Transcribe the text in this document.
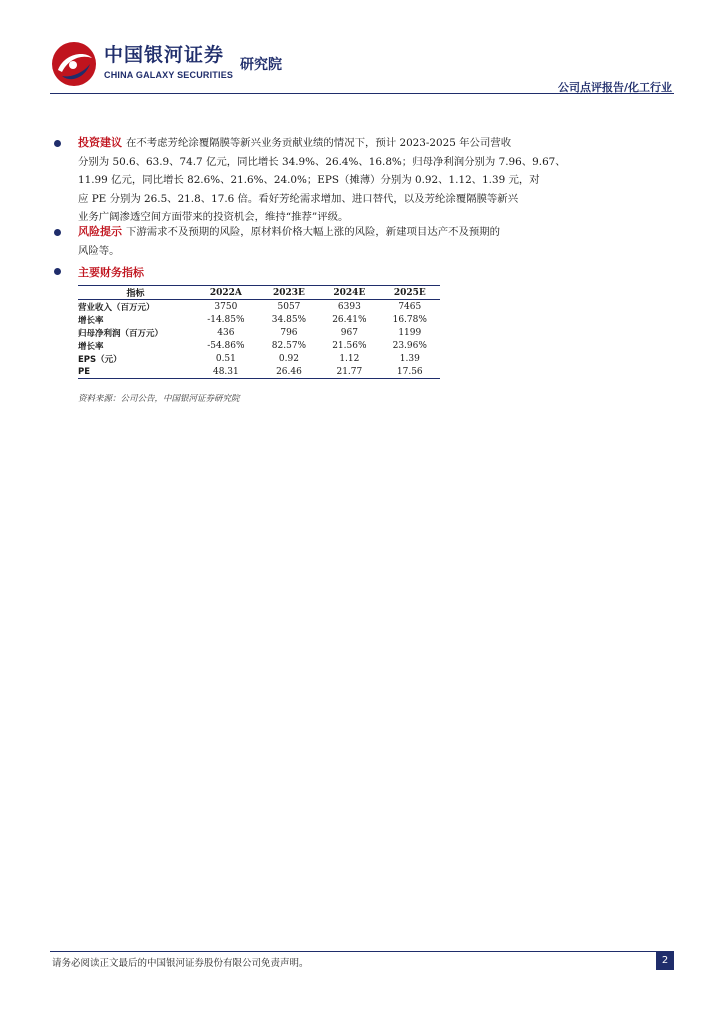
中国银河证券
CHINA GALAXY SECURITIES
研究院
公司点评报告/化工行业
投资建议 在不考虑芳纶涂覆隔膜等新兴业务贡献业绩的情况下，预计 2023-2025 年公司营收
分别为 50.6、63.9、74.7 亿元，同比增长 34.9%、26.4%、16.8%；归母净利润分别为 7.96、9.67、
11.99 亿元，同比增长 82.6%、21.6%、24.0%；EPS（摊薄）分别为 0.92、1.12、1.39 元，对
应 PE 分别为 26.5、21.8、17.6 倍。看好芳纶需求增加、进口替代，以及芳纶涂覆隔膜等新兴
业务广阔渗透空间方面带来的投资机会，维持“推荐”评级。
风险提示 下游需求不及预期的风险，原材料价格大幅上涨的风险，新建项目达产不及预期的
风险等。
主要财务指标
指标	2022A	2023E	2024E	2025E
营业收入（百万元）	3750	5057	6393	7465
增长率	-14.85%	34.85%	26.41%	16.78%
归母净利润（百万元）	436	796	967	1199
增长率	-54.86%	82.57%	21.56%	23.96%
EPS（元）	0.51	0.92	1.12	1.39
PE	48.31	26.46	21.77	17.56
资料来源：公司公告，中国银河证券研究院
请务必阅读正文最后的中国银河证券股份有限公司免责声明。	2
